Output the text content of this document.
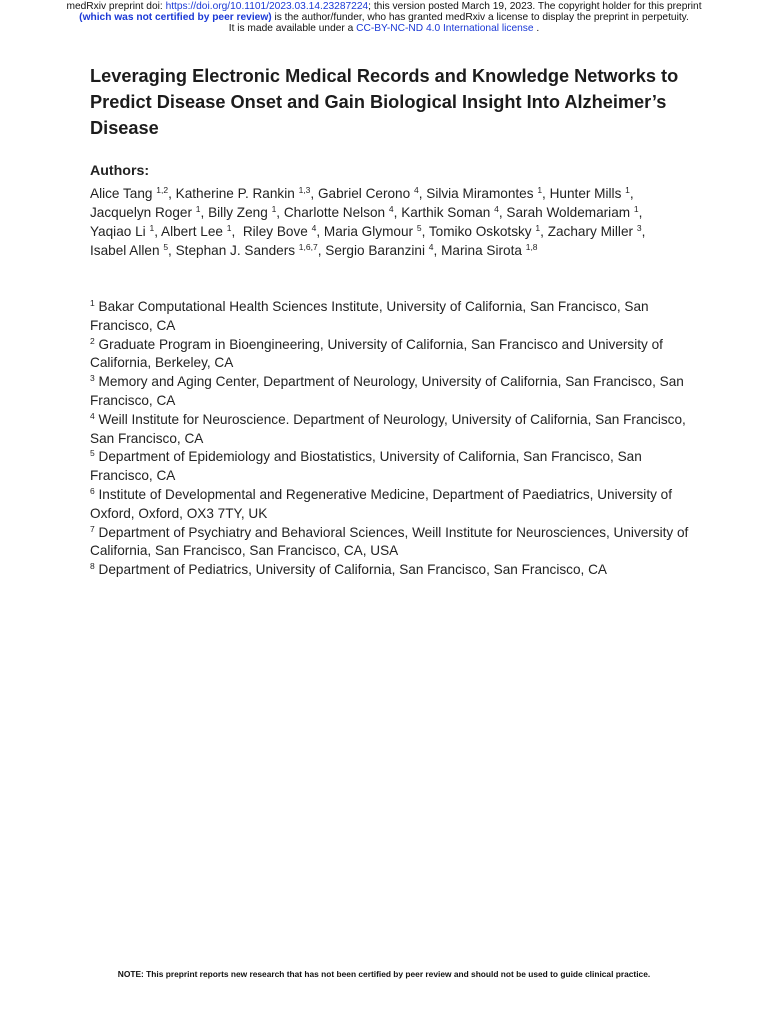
medRxiv preprint doi: https://doi.org/10.1101/2023.03.14.23287224; this version posted March 19, 2023. The copyright holder for this preprint
(which was not certified by peer review) is the author/funder, who has granted medRxiv a license to display the preprint in perpetuity.
It is made available under a CC-BY-NC-ND 4.0 International license .
Leveraging Electronic Medical Records and Knowledge Networks to Predict Disease Onset and Gain Biological Insight Into Alzheimer’s Disease
Authors:
Alice Tang $^{1,2}$, Katherine P. Rankin $^{1,3}$, Gabriel Cerono $^4$, Silvia Miramontes $^1$, Hunter Mills $^1$,
Jacquelyn Roger $^1$, Billy Zeng $^1$, Charlotte Nelson $^4$, Karthik Soman $^4$, Sarah Woldemariam $^1$,
Yaqiao Li $^1$, Albert Lee $^1$,  Riley Bove $^4$, Maria Glymour $^5$, Tomiko Oskotsky $^1$, Zachary Miller $^3$,
Isabel Allen $^5$, Stephan J. Sanders $^{1,6,7}$, Sergio Baranzini $^4$, Marina Sirota $^{1,8}$
$^1$ Bakar Computational Health Sciences Institute, University of California, San Francisco, San Francisco, CA
$^2$ Graduate Program in Bioengineering, University of California, San Francisco and University of California, Berkeley, CA
$^3$ Memory and Aging Center, Department of Neurology, University of California, San Francisco, San Francisco, CA
$^4$ Weill Institute for Neuroscience. Department of Neurology, University of California, San Francisco, San Francisco, CA
$^5$ Department of Epidemiology and Biostatistics, University of California, San Francisco, San Francisco, CA
$^6$ Institute of Developmental and Regenerative Medicine, Department of Paediatrics, University of Oxford, Oxford, OX3 7TY, UK
$^7$ Department of Psychiatry and Behavioral Sciences, Weill Institute for Neurosciences, University of California, San Francisco, San Francisco, CA, USA
$^8$ Department of Pediatrics, University of California, San Francisco, San Francisco, CA
NOTE: This preprint reports new research that has not been certified by peer review and should not be used to guide clinical practice.
